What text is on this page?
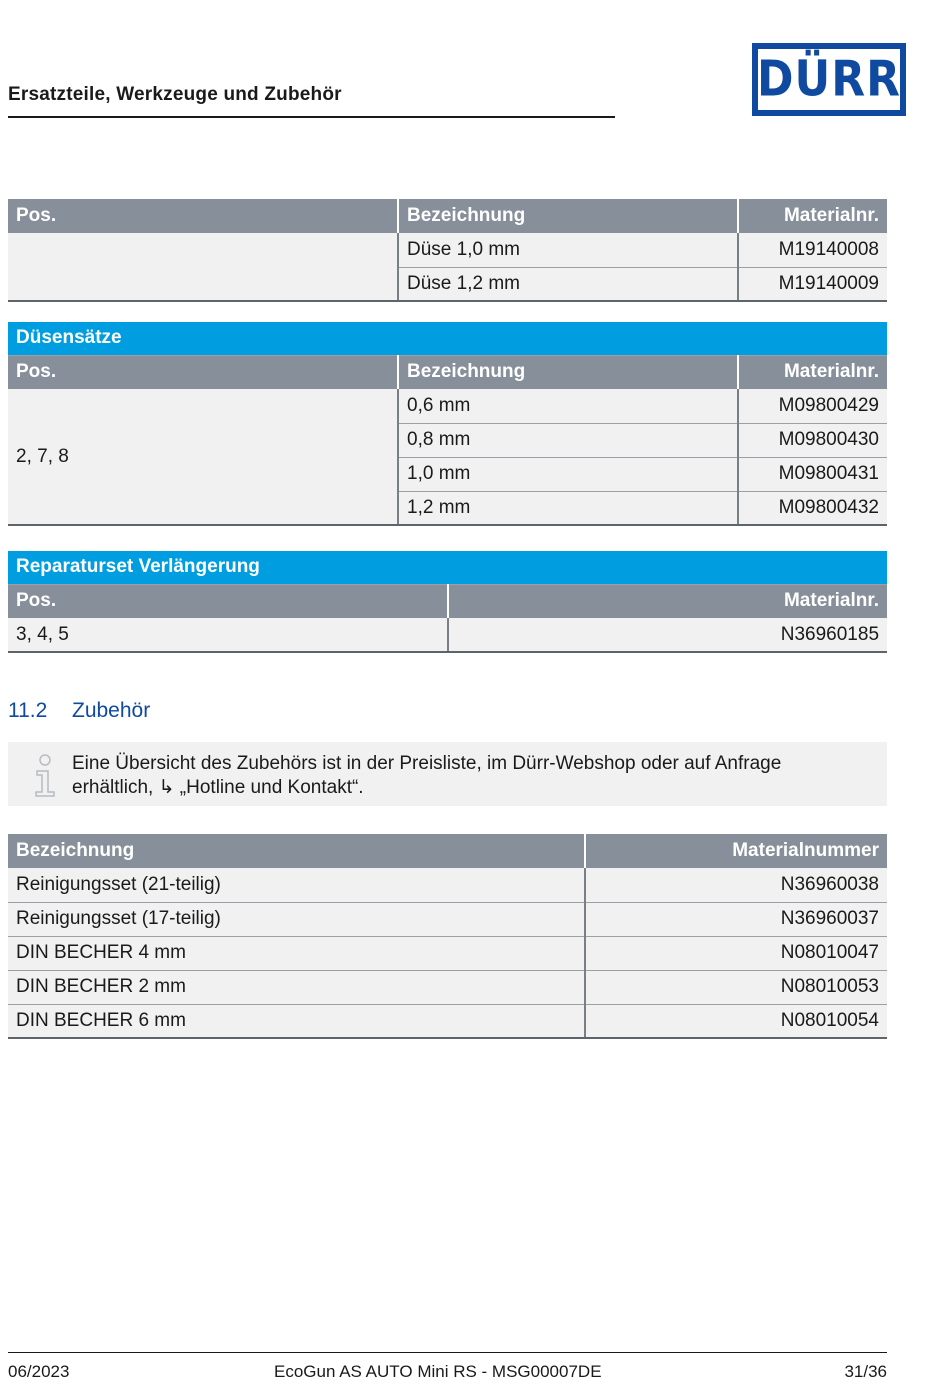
Ersatzteile, Werkzeuge und Zubehör	DÜRR
Pos.	Bezeichnung	Materialnr.
	Düse 1,0 mm	M19140008
	Düse 1,2 mm	M19140009
Düsensätze		
Pos.	Bezeichnung	Materialnr.
2, 7, 8	0,6 mm	M09800429
	0,8 mm	M09800430
	1,0 mm	M09800431
	1,2 mm	M09800432
Reparaturset Verlängerung	
Pos.	Materialnr.
3, 4, 5	N36960185
11.2 Zubehör
Eine Übersicht des Zubehörs ist in der Preisliste, im Dürr-Webshop oder auf Anfrage
erhältlich, ↳ „Hotline und Kontakt“.
Bezeichnung	Materialnummer
Reinigungsset (21-teilig)	N36960038
Reinigungsset (17-teilig)	N36960037
DIN BECHER 4 mm	N08010047
DIN BECHER 2 mm	N08010053
DIN BECHER 6 mm	N08010054
06/2023	EcoGun AS AUTO Mini RS - MSG00007DE	31/36
